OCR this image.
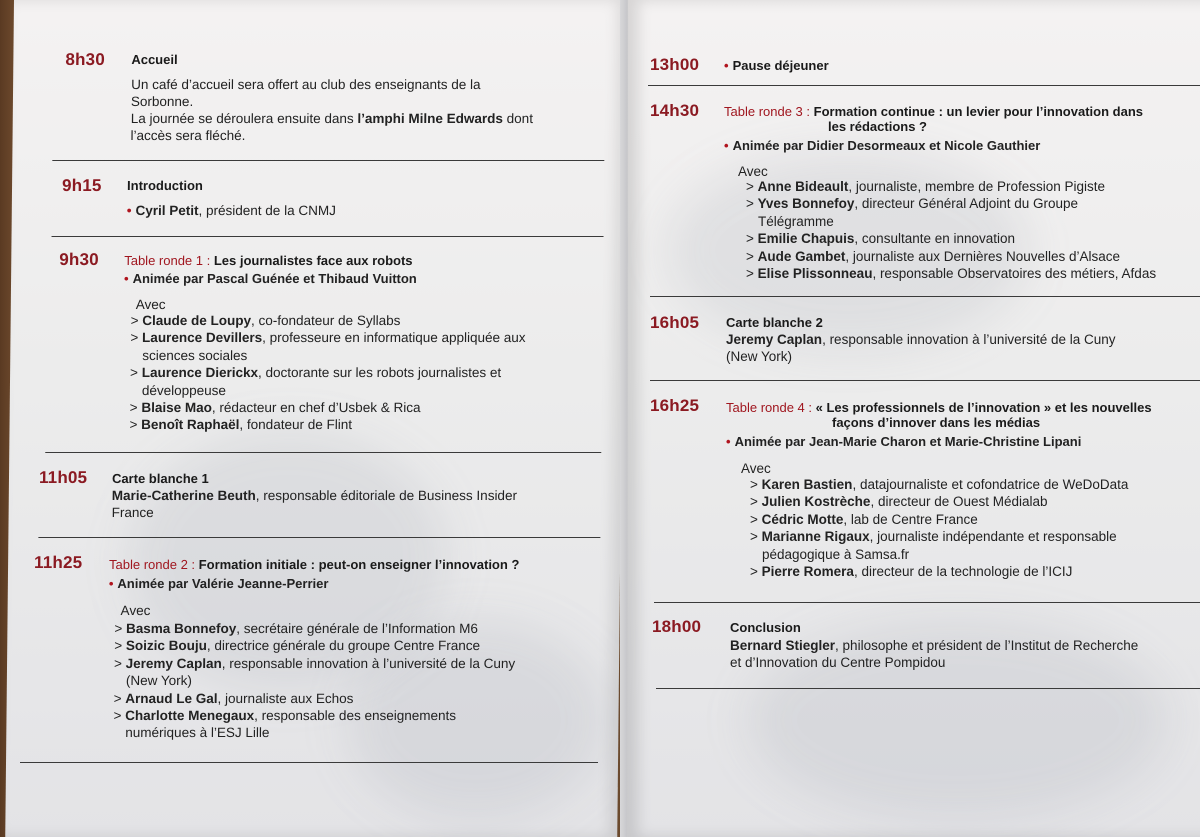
8h30 Accueil
Un café d’accueil sera offert au club des enseignants de la
Sorbonne.
La journée se déroulera ensuite dans l’amphi Milne Edwards dont
l’accès sera fléché.
9h15 Introduction
• Cyril Petit, président de la CNMJ
9h30 Table ronde 1 : Les journalistes face aux robots
• Animée par Pascal Guénée et Thibaud Vuitton
Avec
> Claude de Loupy, co-fondateur de Syllabs
> Laurence Devillers, professeure en informatique appliquée aux
sciences sociales
> Laurence Dierickx, doctorante sur les robots journalistes et
développeuse
> Blaise Mao, rédacteur en chef d’Usbek & Rica
> Benoît Raphaël, fondateur de Flint
11h05 Carte blanche 1
Marie-Catherine Beuth, responsable éditoriale de Business Insider
France
11h25 Table ronde 2 : Formation initiale : peut-on enseigner l’innovation ?
• Animée par Valérie Jeanne-Perrier
Avec
> Basma Bonnefoy, secrétaire générale de l’Information M6
> Soizic Bouju, directrice générale du groupe Centre France
> Jeremy Caplan, responsable innovation à l’université de la Cuny
(New York)
> Arnaud Le Gal, journaliste aux Echos
> Charlotte Menegaux, responsable des enseignements
numériques à l’ESJ Lille
13h00 • Pause déjeuner
14h30 Table ronde 3 : Formation continue : un levier pour l’innovation dans
les rédactions ?
• Animée par Didier Desormeaux et Nicole Gauthier
Avec
> Anne Bideault, journaliste, membre de Profession Pigiste
> Yves Bonnefoy, directeur Général Adjoint du Groupe
Télégramme
> Emilie Chapuis, consultante en innovation
> Aude Gambet, journaliste aux Dernières Nouvelles d’Alsace
> Elise Plissonneau, responsable Observatoires des métiers, Afdas
16h05 Carte blanche 2
Jeremy Caplan, responsable innovation à l’université de la Cuny
(New York)
16h25 Table ronde 4 : « Les professionnels de l’innovation » et les nouvelles
façons d’innover dans les médias
• Animée par Jean-Marie Charon et Marie-Christine Lipani
Avec
> Karen Bastien, datajournaliste et cofondatrice de WeDoData
> Julien Kostrèche, directeur de Ouest Médialab
> Cédric Motte, lab de Centre France
> Marianne Rigaux, journaliste indépendante et responsable
pédagogique à Samsa.fr
> Pierre Romera, directeur de la technologie de l’ICIJ
18h00 Conclusion
Bernard Stiegler, philosophe et président de l’Institut de Recherche
et d’Innovation du Centre Pompidou
